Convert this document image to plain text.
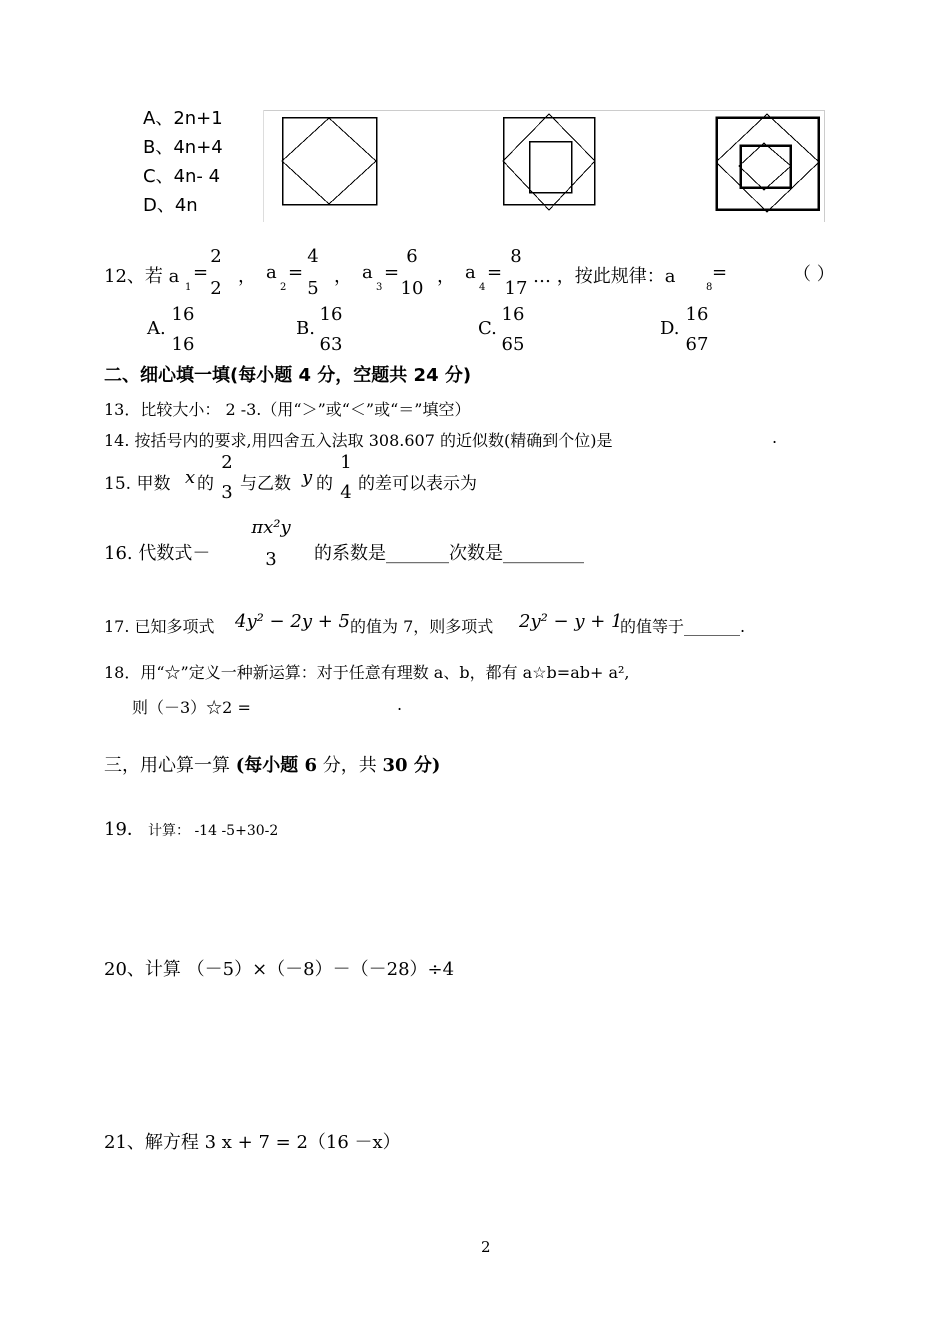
A、2n+1
B、4n+4
C、4n- 4
D、4n
12、若 a
1
=
2
2
， a
2
=
4
5
， a
3
=
6
10
， a
4
=
8
17
… ，按此规律：a
8
=	（ ）
A.
16
16
B.
16
63
C.
16
65
D.
16
67
二、细心填一填(每小题 4 分，空题共 24 分)
13．比较大小： 2 -3.（用“＞”或“＜”或“＝”填空）
14. 按括号内的要求,用四舍五入法取 308.607 的近似数(精确到个位)是	.
15. 甲数 x 的
2
3 与乙数 y 的
1
4 的差可以表示为
16. 代数式－
πx²y
3	的系数是_______次数是_________
17. 已知多项式 4y² − 2y + 5 的值为 7，则多项式 2y² − y + 1
的值等于_______.
18．用“☆”定义一种新运算：对于任意有理数 a、b，都有 a☆b=ab+ a²,
则（－3）☆2 =	.
三，用心算一算 (每小题 6 分，共 30 分)
19． 计算： -14 -5+30-2
20、计算 （－5）×（－8）－（－28）÷4
21、解方程 3 x + 7 = 2（16 －x）
2
